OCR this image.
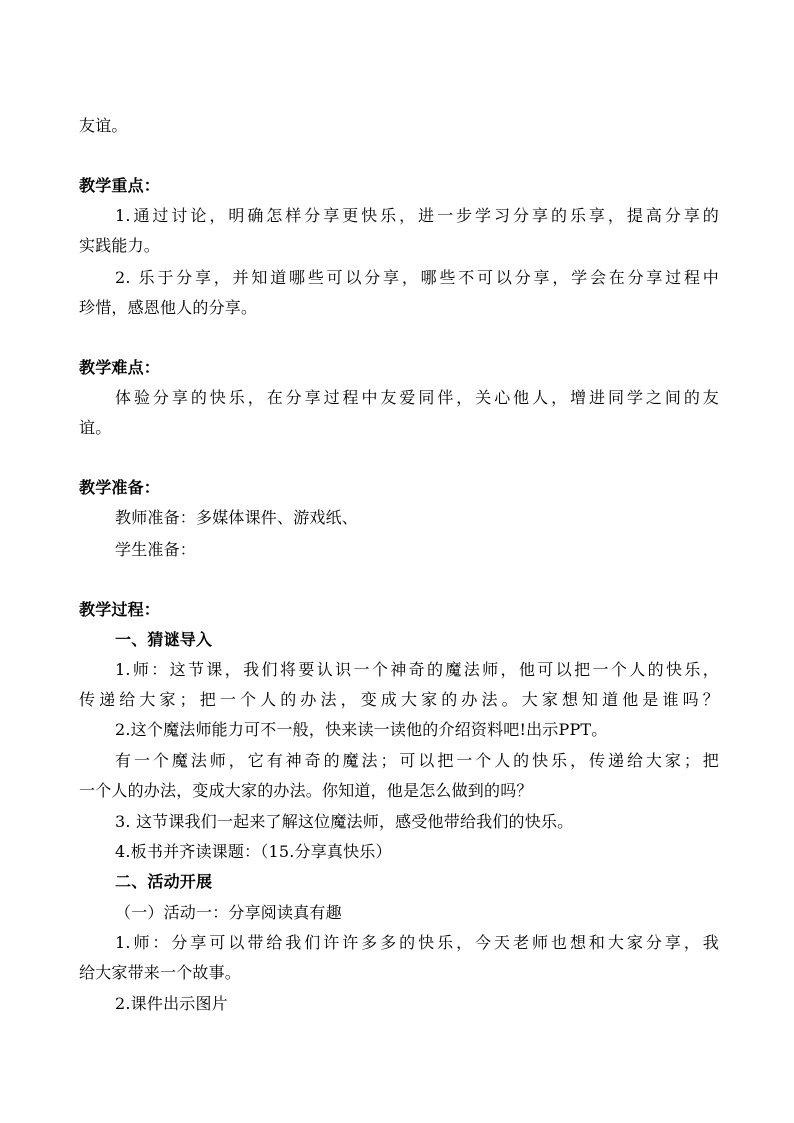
友谊。
教学重点：
1.通过讨论，明确怎样分享更快乐，进一步学习分享的乐享，提高分享的
实践能力。
2. 乐于分享，并知道哪些可以分享，哪些不可以分享，学会在分享过程中
珍惜，感恩他人的分享。
教学难点：
体验分享的快乐，在分享过程中友爱同伴，关心他人，增进同学之间的友
谊。
教学准备：
教师准备：多媒体课件、游戏纸、
学生准备：
教学过程：
一、猜谜导入
1.师：这节课，我们将要认识一个神奇的魔法师，他可以把一个人的快乐，
传递给大家；把一个人的办法，变成大家的办法。大家想知道他是谁吗？
2.这个魔法师能力可不一般，快来读一读他的介绍资料吧!出示PPT。
有一个魔法师，它有神奇的魔法；可以把一个人的快乐，传递给大家；把
一个人的办法，变成大家的办法。你知道，他是怎么做到的吗？
3. 这节课我们一起来了解这位魔法师，感受他带给我们的快乐。
4.板书并齐读课题：（15.分享真快乐）
二、活动开展
（一）活动一：分享阅读真有趣
1.师：分享可以带给我们许许多多的快乐，今天老师也想和大家分享，我
给大家带来一个故事。
2.课件出示图片
